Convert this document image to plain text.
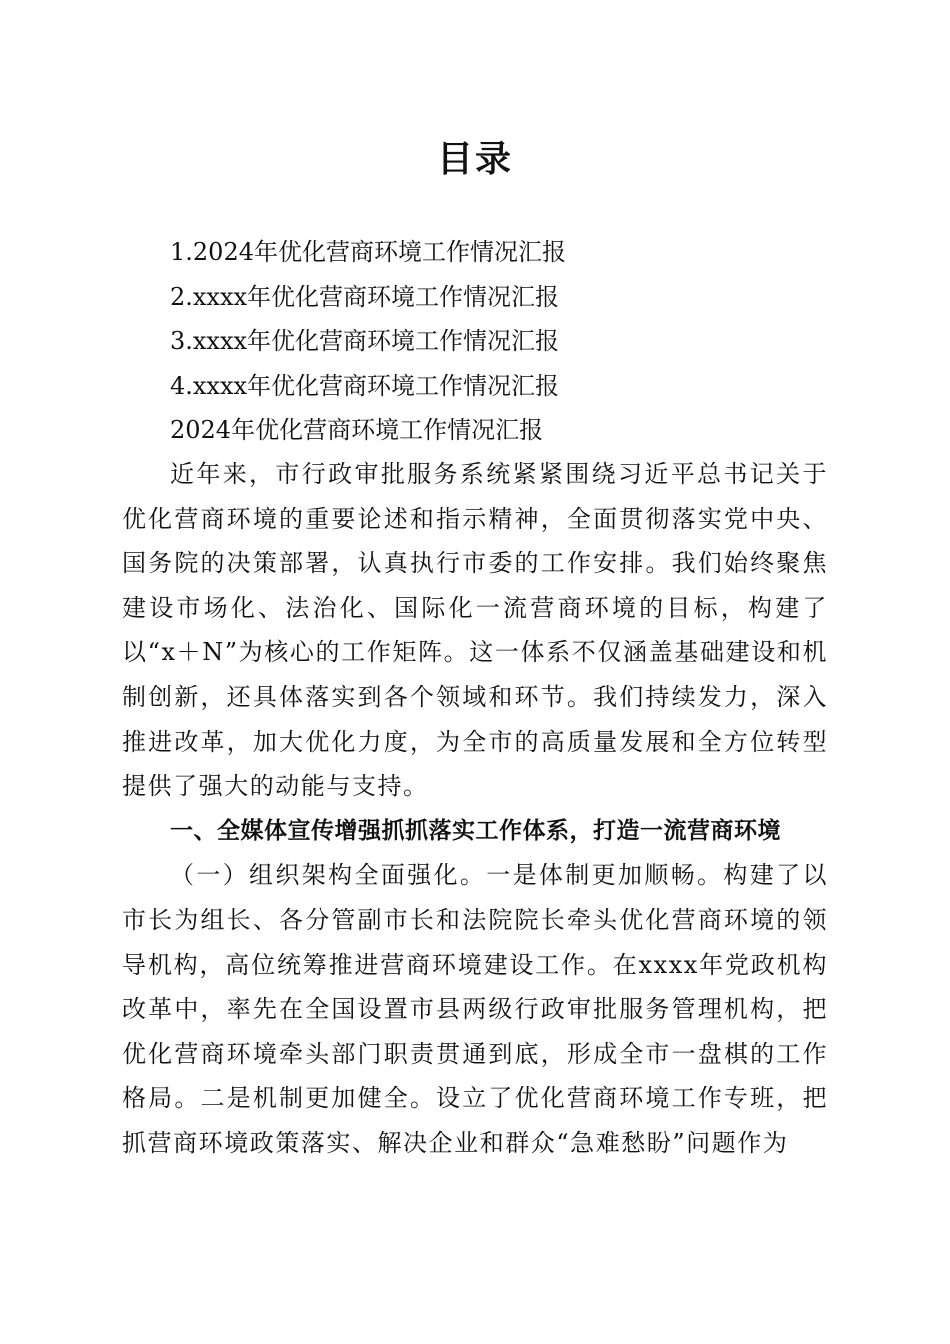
目录
1.2024年优化营商环境工作情况汇报
2.xxxx年优化营商环境工作情况汇报
3.xxxx年优化营商环境工作情况汇报
4.xxxx年优化营商环境工作情况汇报
2024年优化营商环境工作情况汇报

近年来，市行政审批服务系统紧紧围绕习近平总书记关于优化营商环境的重要论述和指示精神，全面贯彻落实党中央、国务院的决策部署，认真执行市委的工作安排。我们始终聚焦建设市场化、法治化、国际化一流营商环境的目标，构建了以“x＋N”为核心的工作矩阵。这一体系不仅涵盖基础建设和机制创新，还具体落实到各个领域和环节。我们持续发力，深入推进改革，加大优化力度，为全市的高质量发展和全方位转型提供了强大的动能与支持。

一、全媒体宣传增强抓抓落实工作体系，打造一流营商环境

（一）组织架构全面强化。一是体制更加顺畅。构建了以市长为组长、各分管副市长和法院院长牵头优化营商环境的领导机构，高位统筹推进营商环境建设工作。在xxxx年党政机构改革中，率先在全国设置市县两级行政审批服务管理机构，把优化营商环境牵头部门职责贯通到底，形成全市一盘棋的工作格局。二是机制更加健全。设立了优化营商环境工作专班，把抓营商环境政策落实、解决企业和群众“急难愁盼”问题作为
